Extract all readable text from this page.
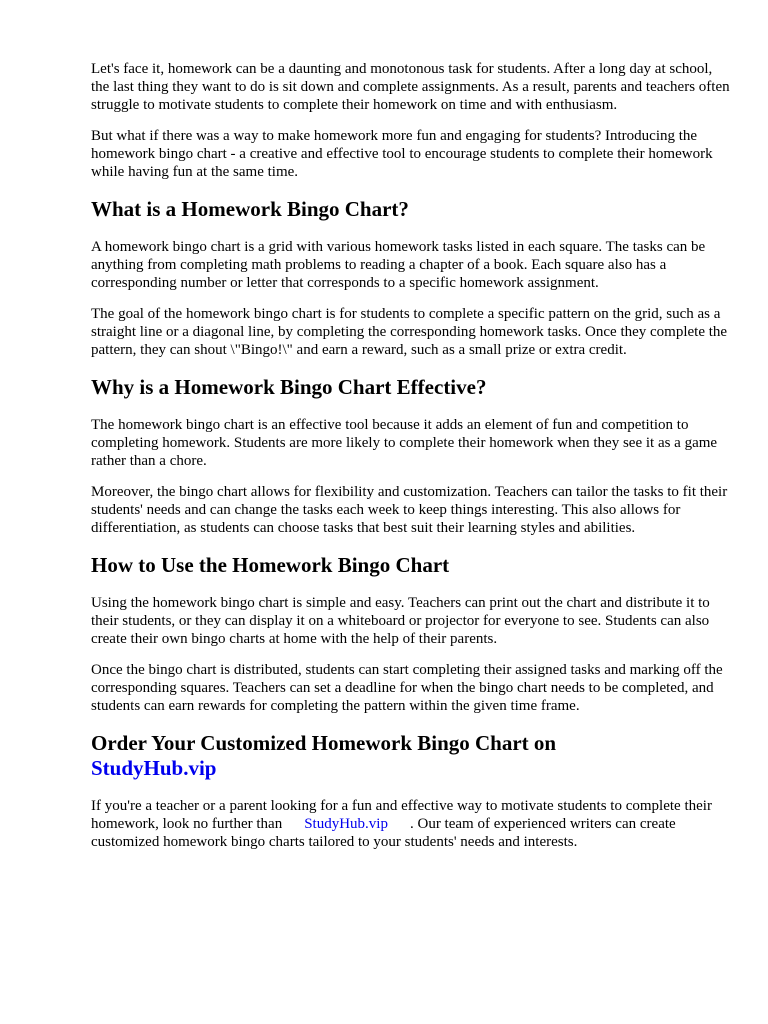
Let's face it, homework can be a daunting and monotonous task for students. After a long day at school, the last thing they want to do is sit down and complete assignments. As a result, parents and teachers often struggle to motivate students to complete their homework on time and with enthusiasm.

But what if there was a way to make homework more fun and engaging for students? Introducing the homework bingo chart - a creative and effective tool to encourage students to complete their homework while having fun at the same time.

What is a Homework Bingo Chart?

A homework bingo chart is a grid with various homework tasks listed in each square. The tasks can be anything from completing math problems to reading a chapter of a book. Each square also has a corresponding number or letter that corresponds to a specific homework assignment.

The goal of the homework bingo chart is for students to complete a specific pattern on the grid, such as a straight line or a diagonal line, by completing the corresponding homework tasks. Once they complete the pattern, they can shout \"Bingo!\" and earn a reward, such as a small prize or extra credit.

Why is a Homework Bingo Chart Effective?

The homework bingo chart is an effective tool because it adds an element of fun and competition to completing homework. Students are more likely to complete their homework when they see it as a game rather than a chore.

Moreover, the bingo chart allows for flexibility and customization. Teachers can tailor the tasks to fit their students' needs and can change the tasks each week to keep things interesting. This also allows for differentiation, as students can choose tasks that best suit their learning styles and abilities.

How to Use the Homework Bingo Chart

Using the homework bingo chart is simple and easy. Teachers can print out the chart and distribute it to their students, or they can display it on a whiteboard or projector for everyone to see. Students can also create their own bingo charts at home with the help of their parents.

Once the bingo chart is distributed, students can start completing their assigned tasks and marking off the corresponding squares. Teachers can set a deadline for when the bingo chart needs to be completed, and students can earn rewards for completing the pattern within the given time frame.

Order Your Customized Homework Bingo Chart on
StudyHub.vip

If you're a teacher or a parent looking for a fun and effective way to motivate students to complete their homework, look no further than StudyHub.vip . Our team of experienced writers can create customized homework bingo charts tailored to your students' needs and interests.
